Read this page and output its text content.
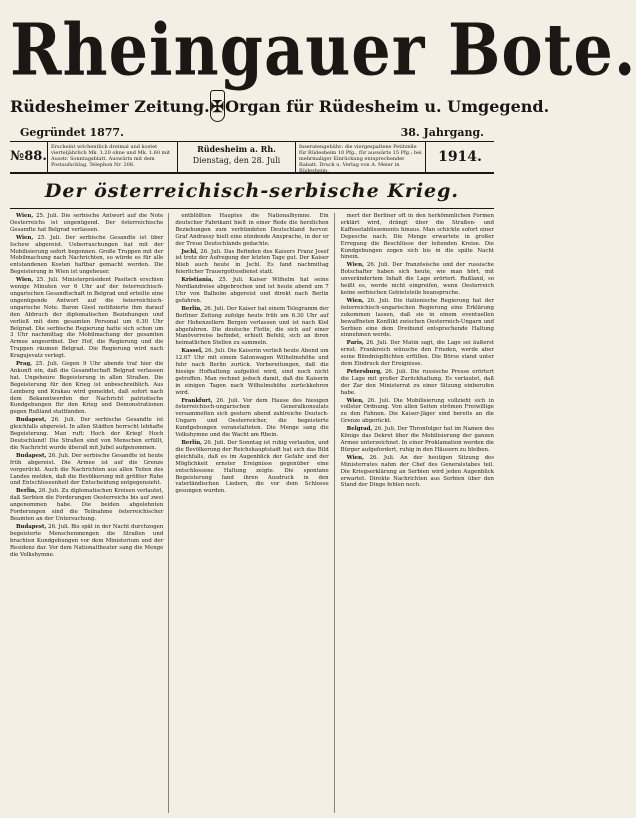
Rheingauer Bote.
Rüdesheimer Zeitung. ✠ Organ für Rüdesheim u. Umgegend.
Gegründet 1877.	38. Jahrgang.
№88.
Erscheint wöchentlich dreimal und kostet vierteljährlich Mk. 1.20 ohne und Mk. 1.60 mit Ausstr. Sonntagsblatt. Auswärts mit dem Postaufschlag. Telephon Nr. 208.
Rüdesheim a. Rh.
Dienstag, den 28. Juli
Inseratengebühr: die viergespaltene Petitzeile für Rüdesheim 10 Pfg., für auswärts 15 Pfg.; bei mehrmaliger Einrückung entsprechender Rabatt. Druck u. Verlag von A. Meier in Rüdesheim.
1914.
Der österreichisch-serbische Krieg.

Wien, 25. Juli. Die serbische Antwort auf die Note Oesterreichs ist ungenügend. Der österreichische Gesandte hat Belgrad verlassen.

Wien, 25. Juli. Der serbische Gesandte ist über Ischew abgereist. Ueberraschungen hat mit der Mobilisierung sofort begonnen. Große Truppen mit der Mobilmachung nach Nachrichten, so würde es für alle entstandenen Kosten haftbar gemacht werden. Die Begeisterung in Wien ist ungeheuer.

Wien, 25. Juli. Ministerpräsident Pasitsch erschien wenige Minuten vor 6 Uhr auf der österreichisch-ungarischen Gesandtschaft in Belgrad und erteilte eine ungenügende Antwort auf die österreichisch-ungarische Note. Baron Giesl notifizierte ihm darauf den Abbruch der diplomatischen Beziehungen und verließ mit dem gesamten Personal um 6.30 Uhr Belgrad. Die serbische Regierung hatte sich schon um 3 Uhr nachmittag die Mobilmachung der gesamten Armee angeordnet. Der Hof, die Regierung und die Truppen räumen Belgrad. Die Regierung wird nach Kragujevatz verlegt.

Prag, 25. Juli. Gegen 9 Uhr abends traf hier die Ankunft ein, daß die Gesandtschaft Belgrad verlassen hat. Ungeheure Begeisterung in allen Straßen. Die Begeisterung für den Krieg ist unbeschreiblich. Aus Lemberg und Krakau wird gemeldet, daß sofort nach dem Bekanntwerden der Nachricht patriotische Kundgebungen für den Krieg und Demonstrationen gegen Rußland stattfanden.

Budapest, 26. Juli. Der serbische Gesandte ist gleichfalls abgereist. In allen Städten herrscht lebhafte Begeisterung. Man ruft: Hoch der Krieg! Hoch Deutschland! Die Straßen sind von Menschen erfüllt, die Nachricht wurde überall mit Jubel aufgenommen.

Budapest, 26. Juli. Der serbische Gesandte ist heute früh abgereist. Die Armee ist auf die Grenze vorgerückt. Auch die Nachrichten aus allen Teilen des Landes melden, daß die Bevölkerung mit größter Ruhe und Entschlossenheit der Entscheidung entgegensieht.

Berlin, 26. Juli. Zu diplomatischen Kreisen verlautet, daß Serbien die Forderungen Oesterreichs bis auf zwei angenommen habe. Die beiden abgelehnten Forderungen sind die Teilnahme österreichischer Beamten an der Untersuchung.

Budapest, 26. Juli. Bis spät in der Nacht durchzogen begeisterte Menschenmengen die Straßen und brachten Kundgebungen vor dem Ministerium und der Residenz dar. Vor dem Nationaltheater sang die Menge die Volkshymne.

entblößten Hauptes die Nationalhymne. Ein deutscher Fabrikant hielt in einer Rede die herzlichen Beziehungen zum verbündeten Deutschland hervor. Graf Andrassy hielt eine zündende Ansprache, in der er der Treue Deutschlands gedachte.

Jschl, 26. Juli. Das Befinden des Kaisers Franz Josef ist trotz der Aufregung der letzten Tage gut. Der Kaiser blieb auch heute in Jschl. Es fand nachmittag feierlicher Trauergottesdienst statt.

Kristiania, 25. Juli. Kaiser Wilhelm hat seine Nordlandreise abgebrochen und ist heute abend um 7 Uhr von Balholm abgereist und direkt nach Berlin gefahren.

Berlin, 26. Juli. Der Kaiser hat einem Telegramm der Berliner Zeitung zufolge heute früh um 6.30 Uhr auf der Hohenzollern Bergen verlassen und ist nach Kiel abgefahren. Die deutsche Flotte, die sich auf einer Manöverreise befindet, erhielt Befehl, sich an ihren heimatlichen Stellen zu sammeln.

Kassel, 26. Juli. Die Kaiserin verließ heute Abend um 12.07 Uhr mit einem Salonwagen Wilhelmshöhe und fuhr nach Berlin zurück. Vorbereitungen, daß die hiesige Hofhaltung aufgelöst wird, sind noch nicht getroffen. Man rechnet jedoch damit, daß die Kaiserin in einigen Tagen nach Wilhelmshöhe zurückkehren wird.

Frankfurt, 26. Juli. Vor dem Hause des hiesigen österreichisch-ungarischen Generalkonsulats versammelten sich gestern abend zahlreiche Deutsch-Ungarn und Oesterreicher, die begeisterte Kundgebungen veranstalteten. Die Menge sang die Volkshymne und die Wacht am Rhein.

Berlin, 26. Juli. Der Sonntag ist ruhig verlaufen, und die Bevölkerung der Reichshauptstadt hat sich das Bild gleichfalls, daß es im Augenblick der Gefahr und der Möglichkeit ernster Ereignisse gegenüber eine entschlossene Haltung zeigte. Die spontane Begeisterung fand ihren Ausdruck in den vaterländischen Liedern, die vor dem Schlosse gesungen wurden.

mert der Berliner oft in den herkömmlichen Formen erklärt wird, drängt über die Straßen- und Kaffeeetablissements hinaus. Man schickte sofort einer Depesche nach. Die Menge erwartete in großer Erregung die Beschlüsse der leitenden Kreise. Die Kundgebungen zogen sich bis in die späte Nacht hinein.

Wien, 26. Juli. Der französische und der russische Botschafter haben sich heute, wie man hört, mit unverändertem Inhalt die Lage erörtert. Rußland, so heißt es, werde nicht eingreifen, wenn Oesterreich keine serbischen Gebietsteile beanspruche.

Wien, 26. Juli. Die italienische Regierung hat der österreichisch-ungarischen Regierung eine Erklärung zukommen lassen, daß sie in einem eventuellen bewaffneten Konflikt zwischen Oesterreich-Ungarn und Serbien eine dem Dreibund entsprechende Haltung einnehmen werde.

Paris, 26. Juli. Der Matin sagt, die Lage sei äußerst ernst. Frankreich wünsche den Frieden, werde aber seine Bündnispflichten erfüllen. Die Börse stand unter dem Eindruck der Ereignisse.

Petersburg, 26. Juli. Die russische Presse erörtert die Lage mit großer Zurückhaltung. Es verlautet, daß der Zar den Ministerrat zu einer Sitzung einberufen habe.

Wien, 26. Juli. Die Mobilisierung vollzieht sich in vollster Ordnung. Von allen Seiten strömen Freiwillige zu den Fahnen. Die Kaiser-Jäger sind bereits an die Grenze abgerückt.

Belgrad, 26. Juli. Der Thronfolger hat im Namen des Königs das Dekret über die Mobilisierung der ganzen Armee unterzeichnet. In einer Proklamation werden die Bürger aufgefordert, ruhig in den Häusern zu bleiben.

Wien, 26. Juli. An der heutigen Sitzung des Ministerrates nahm der Chef des Generalstabes teil. Die Kriegserklärung an Serbien wird jeden Augenblick erwartet. Direkte Nachrichten aus Serbien über den Stand der Dinge fehlen noch.
